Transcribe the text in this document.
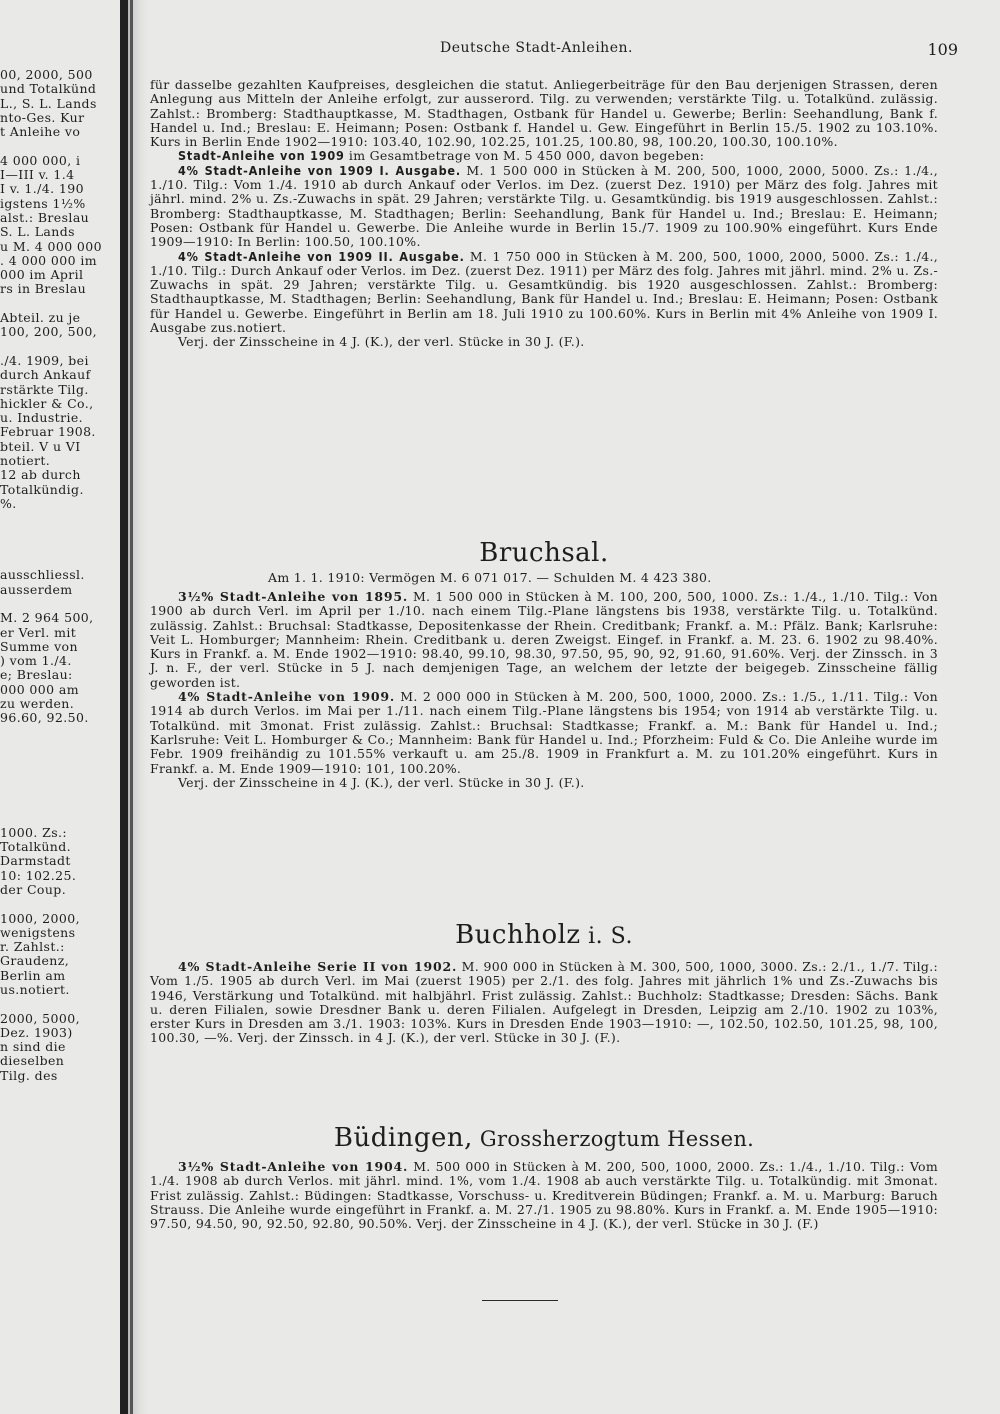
00, 2000, 500
und Totalkünd
L., S. L. Lands
nto-Ges. Kur
t Anleihe vo
4 000 000, i
I—III v. 1.4
I v. 1./4. 190
igstens 1½%
alst.: Breslau
S. L. Lands
u M. 4 000 000
. 4 000 000 im
000 im April
rs in Breslau
Abteil. zu je
100, 200, 500,
./4. 1909, bei
durch Ankauf
rstärkte Tilg.
hickler & Co.,
u. Industrie.
Februar 1908.
bteil. V u VI
notiert.
12 ab durch
Totalkündig.
%.
ausschliessl.
ausserdem
M. 2 964 500,
er Verl. mit
Summe von
) vom 1./4.
e; Breslau:
000 000 am
zu werden.
96.60, 92.50.
1000. Zs.:
Totalkünd.
Darmstadt
10: 102.25.
der Coup.
1000, 2000,
wenigstens
r. Zahlst.:
Graudenz,
Berlin am
us.notiert.
2000, 5000,
Dez. 1903)
n sind die
dieselben
Tilg. des
Deutsche Stadt-Anleihen.	109

für dasselbe gezahlten Kaufpreises, desgleichen die statut. Anliegerbeiträge für den Bau derjenigen Strassen, deren Anlegung aus Mitteln der Anleihe erfolgt, zur ausserord. Tilg. zu verwenden; verstärkte Tilg. u. Totalkünd. zulässig. Zahlst.: Bromberg: Stadthauptkasse, M. Stadthagen, Ostbank für Handel u. Gewerbe; Berlin: Seehandlung, Bank f. Handel u. Ind.; Breslau: E. Heimann; Posen: Ostbank f. Handel u. Gew. Eingeführt in Berlin 15./5. 1902 zu 103.10%. Kurs in Berlin Ende 1902—1910: 103.40, 102.90, 102.25, 101.25, 100.80, 98, 100.20, 100.30, 100.10%.

Stadt-Anleihe von 1909 im Gesamtbetrage von M. 5 450 000, davon begeben:

4% Stadt-Anleihe von 1909 I. Ausgabe. M. 1 500 000 in Stücken à M. 200, 500, 1000, 2000, 5000. Zs.: 1./4., 1./10. Tilg.: Vom 1./4. 1910 ab durch Ankauf oder Verlos. im Dez. (zuerst Dez. 1910) per März des folg. Jahres mit jährl. mind. 2% u. Zs.-Zuwachs in spät. 29 Jahren; verstärkte Tilg. u. Gesamtkündig. bis 1919 ausgeschlossen. Zahlst.: Bromberg: Stadthauptkasse, M. Stadthagen; Berlin: Seehandlung, Bank für Handel u. Ind.; Breslau: E. Heimann; Posen: Ostbank für Handel u. Gewerbe. Die Anleihe wurde in Berlin 15./7. 1909 zu 100.90% eingeführt. Kurs Ende 1909—1910: In Berlin: 100.50, 100.10%.

4% Stadt-Anleihe von 1909 II. Ausgabe. M. 1 750 000 in Stücken à M. 200, 500, 1000, 2000, 5000. Zs.: 1./4., 1./10. Tilg.: Durch Ankauf oder Verlos. im Dez. (zuerst Dez. 1911) per März des folg. Jahres mit jährl. mind. 2% u. Zs.-Zuwachs in spät. 29 Jahren; verstärkte Tilg. u. Gesamtkündig. bis 1920 ausgeschlossen. Zahlst.: Bromberg: Stadthauptkasse, M. Stadthagen; Berlin: Seehandlung, Bank für Handel u. Ind.; Breslau: E. Heimann; Posen: Ostbank für Handel u. Gewerbe. Eingeführt in Berlin am 18. Juli 1910 zu 100.60%. Kurs in Berlin mit 4% Anleihe von 1909 I. Ausgabe zus.notiert.

Verj. der Zinsscheine in 4 J. (K.), der verl. Stücke in 30 J. (F.).

Bruchsal.
Am 1. 1. 1910: Vermögen M. 6 071 017. — Schulden M. 4 423 380.

3½% Stadt-Anleihe von 1895. M. 1 500 000 in Stücken à M. 100, 200, 500, 1000. Zs.: 1./4., 1./10. Tilg.: Von 1900 ab durch Verl. im April per 1./10. nach einem Tilg.-Plane längstens bis 1938, verstärkte Tilg. u. Totalkünd. zulässig. Zahlst.: Bruchsal: Stadtkasse, Depositenkasse der Rhein. Creditbank; Frankf. a. M.: Pfälz. Bank; Karlsruhe: Veit L. Homburger; Mannheim: Rhein. Creditbank u. deren Zweigst. Eingef. in Frankf. a. M. 23. 6. 1902 zu 98.40%. Kurs in Frankf. a. M. Ende 1902—1910: 98.40, 99.10, 98.30, 97.50, 95, 90, 92, 91.60, 91.60%. Verj. der Zinssch. in 3 J. n. F., der verl. Stücke in 5 J. nach demjenigen Tage, an welchem der letzte der beigegeb. Zinsscheine fällig geworden ist.

4% Stadt-Anleihe von 1909. M. 2 000 000 in Stücken à M. 200, 500, 1000, 2000. Zs.: 1./5., 1./11. Tilg.: Von 1914 ab durch Verlos. im Mai per 1./11. nach einem Tilg.-Plane längstens bis 1954; von 1914 ab verstärkte Tilg. u. Totalkünd. mit 3monat. Frist zulässig. Zahlst.: Bruchsal: Stadtkasse; Frankf. a. M.: Bank für Handel u. Ind.; Karlsruhe: Veit L. Homburger & Co.; Mannheim: Bank für Handel u. Ind.; Pforzheim: Fuld & Co. Die Anleihe wurde im Febr. 1909 freihändig zu 101.55% verkauft u. am 25./8. 1909 in Frankfurt a. M. zu 101.20% eingeführt. Kurs in Frankf. a. M. Ende 1909—1910: 101, 100.20%.

Verj. der Zinsscheine in 4 J. (K.), der verl. Stücke in 30 J. (F.).

Buchholz i. S.

4% Stadt-Anleihe Serie II von 1902. M. 900 000 in Stücken à M. 300, 500, 1000, 3000. Zs.: 2./1., 1./7. Tilg.: Vom 1./5. 1905 ab durch Verl. im Mai (zuerst 1905) per 2./1. des folg. Jahres mit jährlich 1% und Zs.-Zuwachs bis 1946, Verstärkung und Totalkünd. mit halbjährl. Frist zulässig. Zahlst.: Buchholz: Stadtkasse; Dresden: Sächs. Bank u. deren Filialen, sowie Dresdner Bank u. deren Filialen. Aufgelegt in Dresden, Leipzig am 2./10. 1902 zu 103%, erster Kurs in Dresden am 3./1. 1903: 103%. Kurs in Dresden Ende 1903—1910: —, 102.50, 102.50, 101.25, 98, 100, 100.30, —%. Verj. der Zinssch. in 4 J. (K.), der verl. Stücke in 30 J. (F.).

Büdingen, Grossherzogtum Hessen.

3½% Stadt-Anleihe von 1904. M. 500 000 in Stücken à M. 200, 500, 1000, 2000. Zs.: 1./4., 1./10. Tilg.: Vom 1./4. 1908 ab durch Verlos. mit jährl. mind. 1%, vom 1./4. 1908 ab auch verstärkte Tilg. u. Totalkündig. mit 3monat. Frist zulässig. Zahlst.: Büdingen: Stadtkasse, Vorschuss- u. Kreditverein Büdingen; Frankf. a. M. u. Marburg: Baruch Strauss. Die Anleihe wurde eingeführt in Frankf. a. M. 27./1. 1905 zu 98.80%. Kurs in Frankf. a. M. Ende 1905—1910: 97.50, 94.50, 90, 92.50, 92.80, 90.50%. Verj. der Zinsscheine in 4 J. (K.), der verl. Stücke in 30 J. (F.)
